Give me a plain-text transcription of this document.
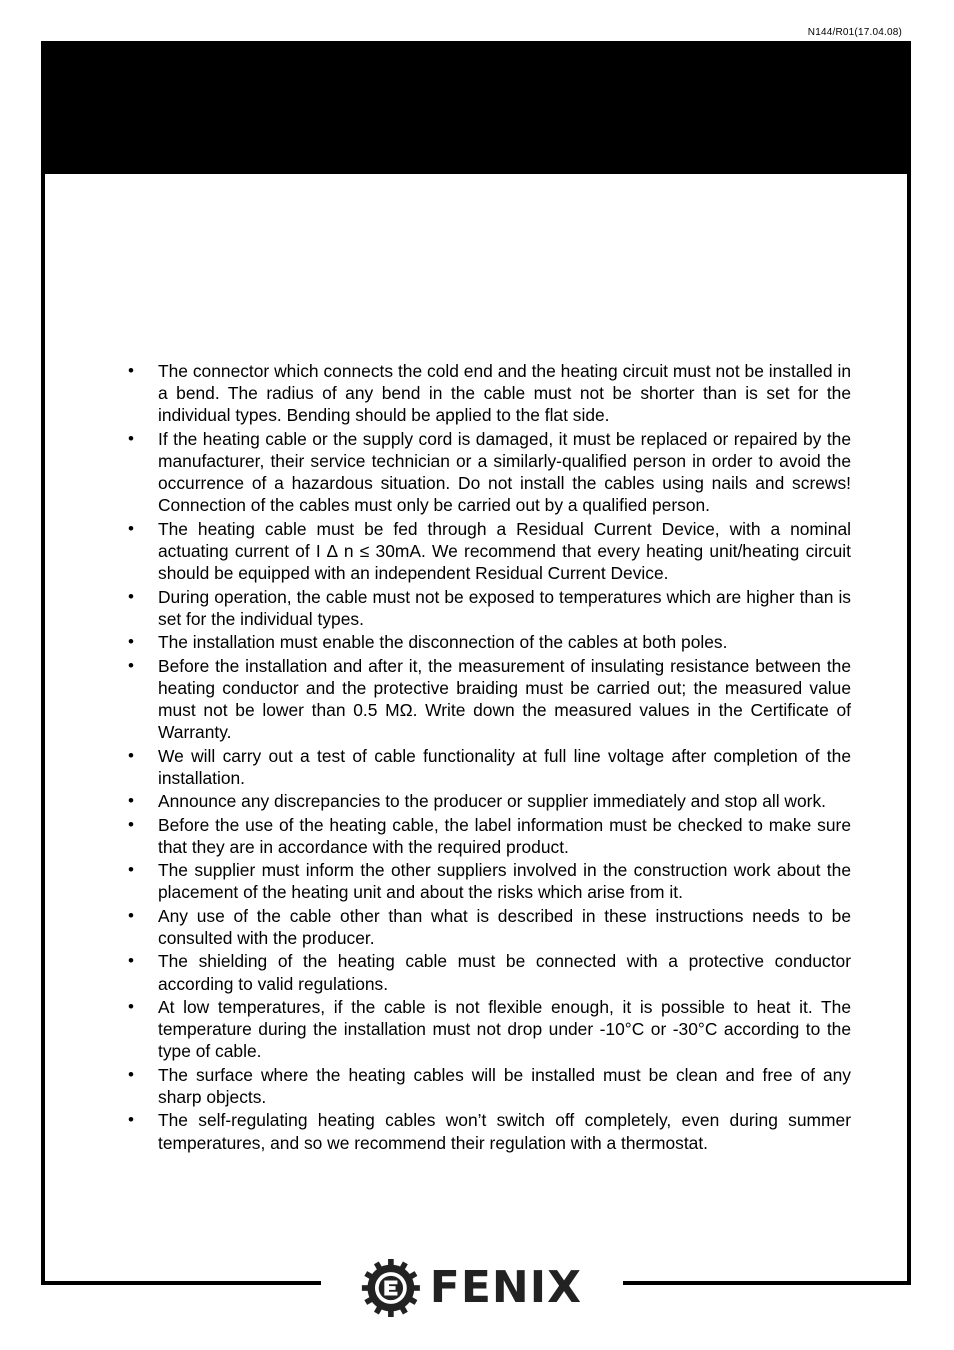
N144/R01(17.04.08)
• The connector which connects the cold end and the heating circuit must not be installed in a bend. The radius of any bend in the cable must not be shorter than is set for the individual types. Bending should be applied to the flat side.
• If the heating cable or the supply cord is damaged, it must be replaced or repaired by the manufacturer, their service technician or a similarly-qualified person in order to avoid the occurrence of a hazardous situation. Do not install the cables using nails and screws! Connection of the cables must only be carried out by a qualified person.
• The heating cable must be fed through a Residual Current Device, with a nominal actuating current of I ∆ n ≤ 30mA. We recommend that every heating unit/heating circuit should be equipped with an independent Residual Current Device.
• During operation, the cable must not be exposed to temperatures which are higher than is set for the individual types.
• The installation must enable the disconnection of the cables at both poles.
• Before the installation and after it, the measurement of insulating resistance between the heating conductor and the protective braiding must be carried out; the measured value must not be lower than 0.5 MΩ. Write down the measured values in the Certificate of Warranty.
• We will carry out a test of cable functionality at full line voltage after completion of the installation.
• Announce any discrepancies to the producer or supplier immediately and stop all work.
• Before the use of the heating cable, the label information must be checked to make sure that they are in accordance with the required product.
• The supplier must inform the other suppliers involved in the construction work about the placement of the heating unit and about the risks which arise from it.
• Any use of the cable other than what is described in these instructions needs to be consulted with the producer.
• The shielding of the heating cable must be connected with a protective conductor according to valid regulations.
• At low temperatures, if the cable is not flexible enough, it is possible to heat it. The temperature during the installation must not drop under -10°C or -30°C according to the type of cable.
• The surface where the heating cables will be installed must be clean and free of any sharp objects.
• The self-regulating heating cables won’t switch off completely, even during summer temperatures, and so we recommend their regulation with a thermostat.
FENIX
